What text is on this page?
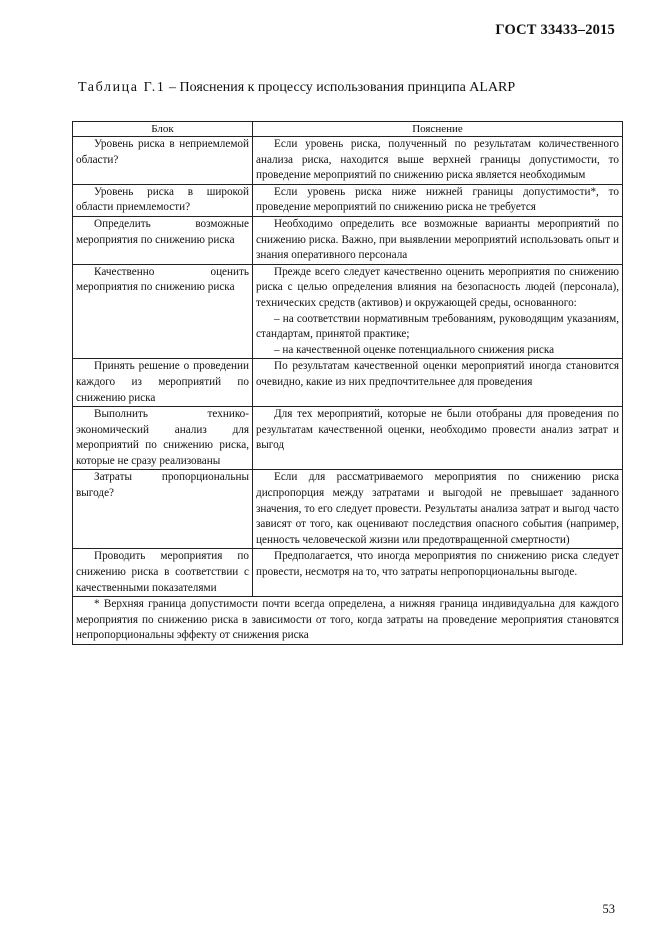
ГОСТ 33433–2015
Таблица Г.1 – Пояснения к процессу использования принципа ALARP
Блок	Пояснение

Уровень риска в неприемлемой области?	Если уровень риска, полученный по результатам количественного анализа риска, находится выше верхней границы допустимости, то проведение мероприятий по снижению риска является необходимым

Уровень риска в широкой области приемлемости?	Если уровень риска ниже нижней границы допустимости*, то проведение мероприятий по снижению риска не требуется

Определить возможные мероприятия по снижению риска	Необходимо определить все возможные варианты мероприятий по снижению риска. Важно, при выявлении мероприятий использовать опыт и знания оперативного персонала

Качественно оценить мероприятия по снижению риска	Прежде всего следует качественно оценить мероприятия по снижению риска с целью определения влияния на безопасность людей (персонала), технических средств (активов) и окружающей среды, основанного:

– на соответствии нормативным требованиям, руководящим указаниям, стандартам, принятой практике;

– на качественной оценке потенциального снижения риска

Принять решение о проведении каждого из мероприятий по снижению риска	По результатам качественной оценки мероприятий иногда становится очевидно, какие из них предпочтительнее для проведения

Выполнить технико-экономический анализ для мероприятий по снижению риска, которые не сразу реализованы	Для тех мероприятий, которые не были отобраны для проведения по результатам качественной оценки, необходимо провести анализ затрат и выгод

Затраты пропорциональны выгоде?	Если для рассматриваемого мероприятия по снижению риска диспропорция между затратами и выгодой не превышает заданного значения, то его следует провести. Результаты анализа затрат и выгод часто зависят от того, как оценивают последствия опасного события (например, ценность человеческой жизни или предотвращенной смертности)

Проводить мероприятия по снижению риска в соответствии с качественными показателями	Предполагается, что иногда мероприятия по снижению риска следует провести, несмотря на то, что затраты непропорциональны выгоде.

* Верхняя граница допустимости почти всегда определена, а нижняя граница индивидуальна для каждого мероприятия по снижению риска в зависимости от того, когда затраты на проведение мероприятия становятся непропорциональны эффекту от снижения риска	

53
